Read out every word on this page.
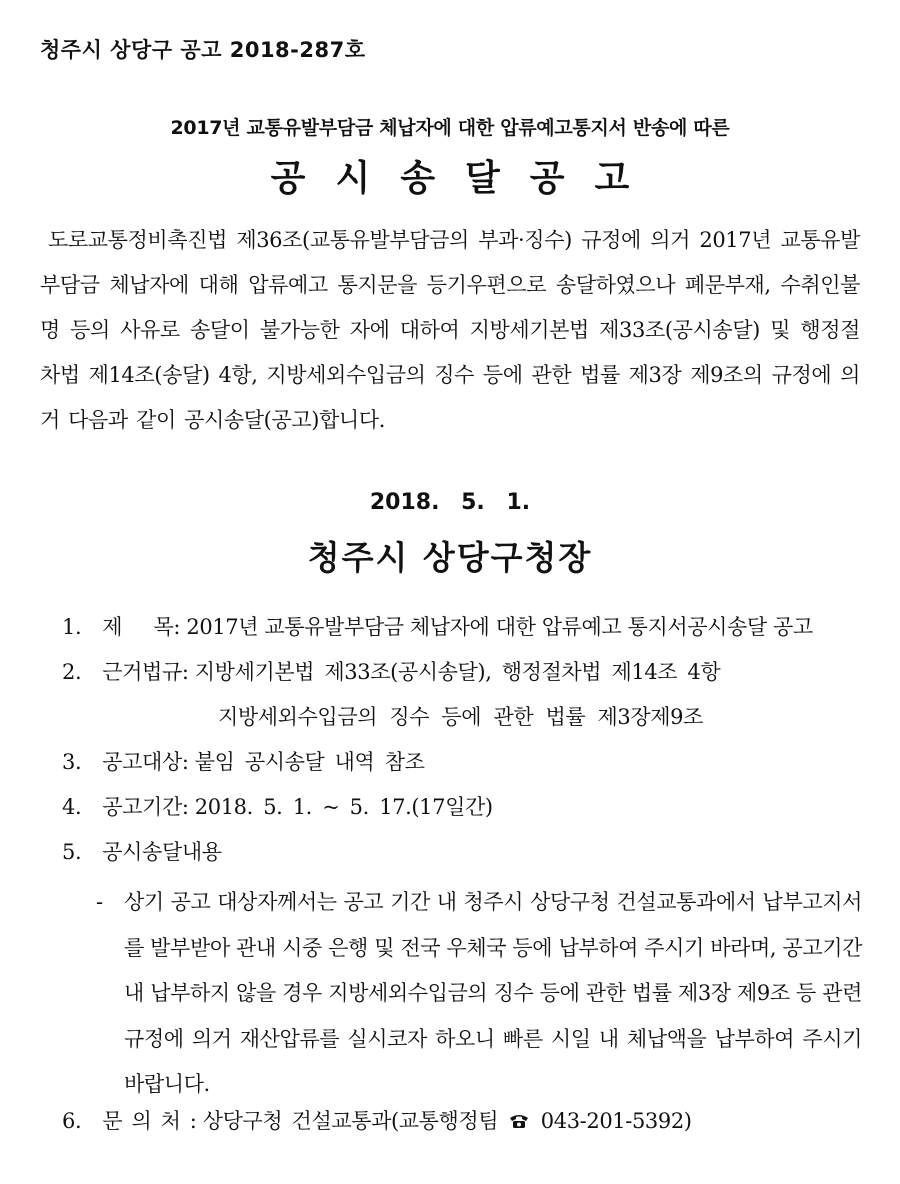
청주시 상당구 공고 2018-287호
2017년 교통유발부담금 체납자에 대한 압류예고통지서 반송에 따른
공시송달공고
도로교통정비촉진법 제36조(교통유발부담금의 부과·징수) 규정에 의거 2017년 교통유발부담금 체납자에 대해 압류예고 통지문을 등기우편으로 송달하였으나 폐문부재, 수취인불명 등의 사유로 송달이 불가능한 자에 대하여 지방세기본법 제33조(공시송달) 및 행정절차법 제14조(송달) 4항, 지방세외수입금의 징수 등에 관한 법률 제3장 제9조의 규정에 의거 다음과 같이 공시송달(공고)합니다.
2018. 5. 1.
청주시 상당구청장
1. 제     목: 2017년 교통유발부담금 체납자에 대한 압류예고 통지서공시송달 공고
2. 근거법규: 지방세기본법 제33조(공시송달), 행정절차법 제14조 4항
지방세외수입금의 징수 등에 관한 법률 제3장제9조
3. 공고대상: 붙임 공시송달 내역 참조
4. 공고기간: 2018. 5. 1. ~ 5. 17.(17일간)
5. 공시송달내용
-	상기 공고 대상자께서는 공고 기간 내 청주시 상당구청 건설교통과에서 납부고지서를 발부받아 관내 시중 은행 및 전국 우체국 등에 납부하여 주시기 바라며, 공고기간 내 납부하지 않을 경우 지방세외수입금의 징수 등에 관한 법률 제3장 제9조 등 관련규정에 의거 재산압류를 실시코자 하오니 빠른 시일 내 체납액을 납부하여 주시기 바랍니다.
6. 문 의 처 : 상당구청 건설교통과(교통행정팀 043-201-5392)
